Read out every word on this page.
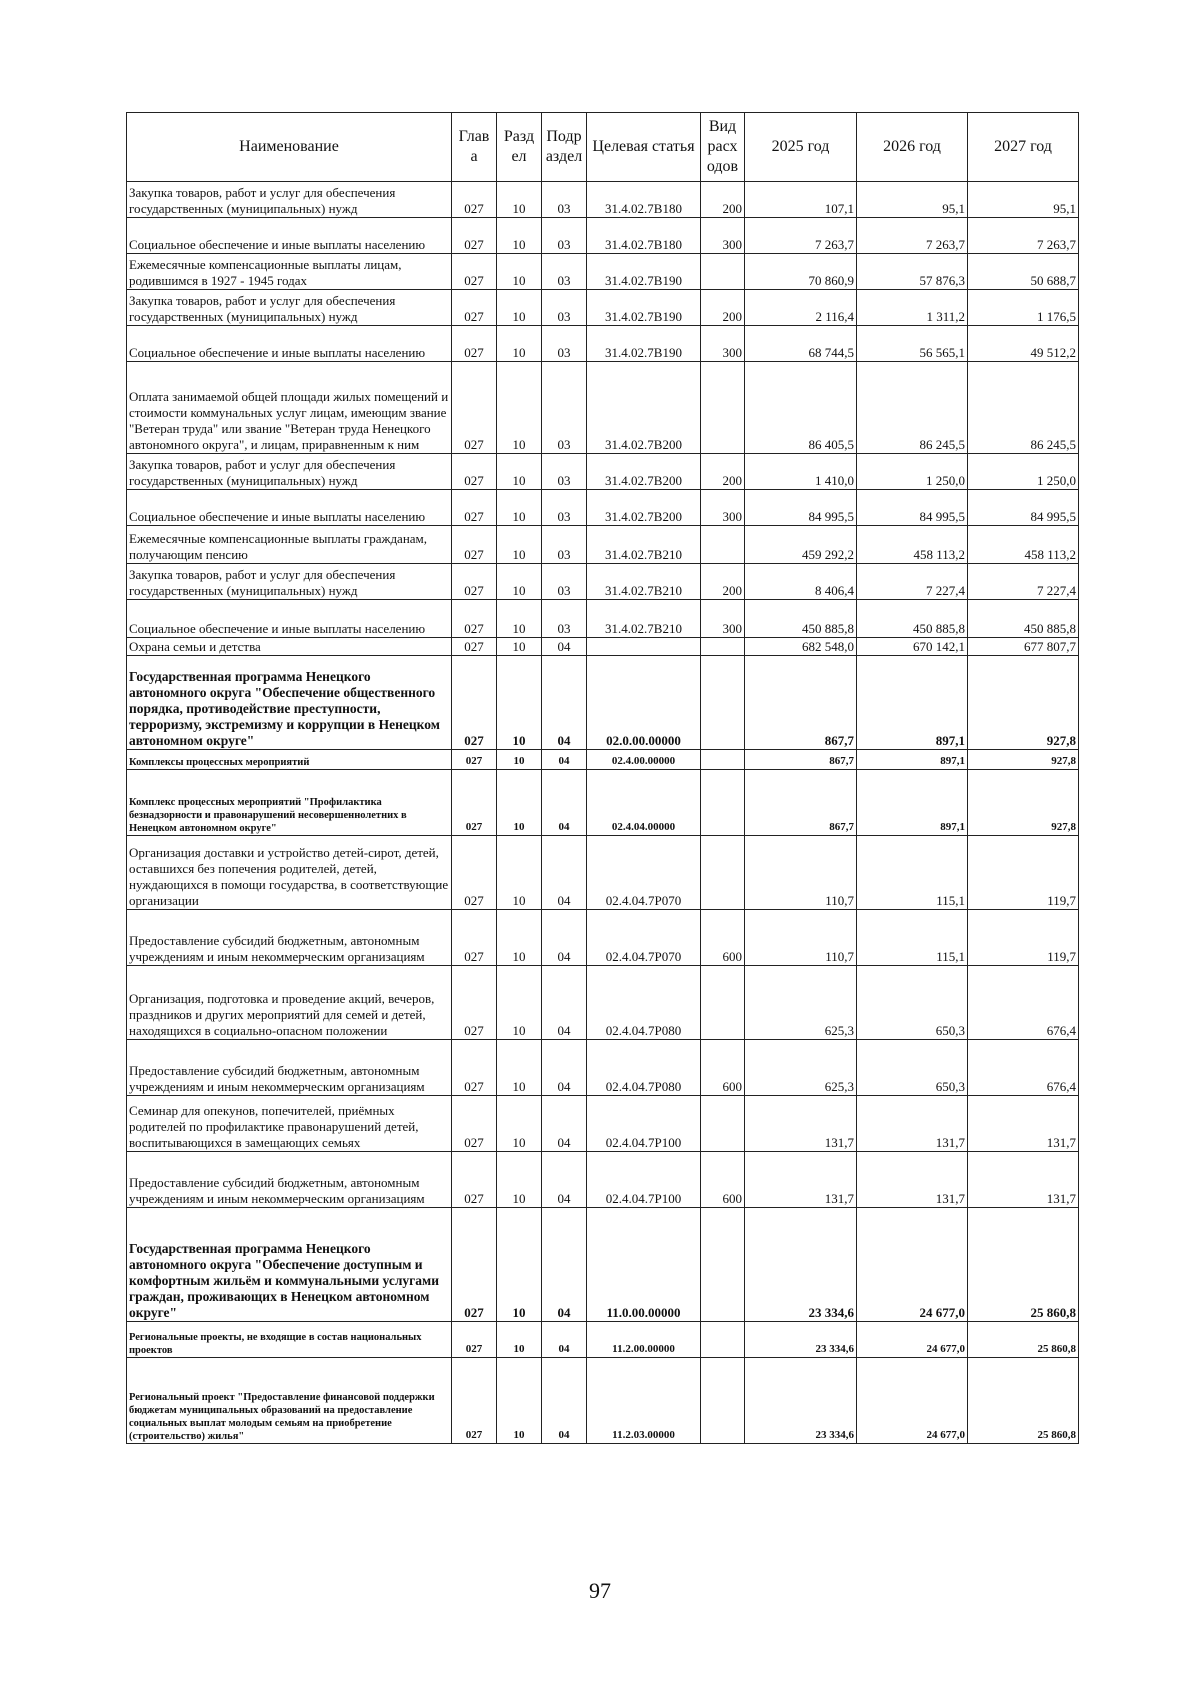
Наименование	Глав а	Разд ел	Подр аздел	Целевая статья	Вид расх одов	2025 год	2026 год	2027 год
Закупка товаров, работ и услуг для обеспечения государственных (муниципальных) нужд	027	10	03	31.4.02.7В180	200	107,1	95,1	95,1
Социальное обеспечение и иные выплаты населению	027	10	03	31.4.02.7В180	300	7 263,7	7 263,7	7 263,7
Ежемесячные компенсационные выплаты лицам, родившимся в 1927 - 1945 годах	027	10	03	31.4.02.7В190		70 860,9	57 876,3	50 688,7
Закупка товаров, работ и услуг для обеспечения государственных (муниципальных) нужд	027	10	03	31.4.02.7В190	200	2 116,4	1 311,2	1 176,5
Социальное обеспечение и иные выплаты населению	027	10	03	31.4.02.7В190	300	68 744,5	56 565,1	49 512,2
Оплата занимаемой общей площади жилых помещений и стоимости коммунальных услуг лицам, имеющим звание "Ветеран труда" или звание "Ветеран труда Ненецкого автономного округа", и лицам, приравненным к ним	027	10	03	31.4.02.7В200		86 405,5	86 245,5	86 245,5
Закупка товаров, работ и услуг для обеспечения государственных (муниципальных) нужд	027	10	03	31.4.02.7В200	200	1 410,0	1 250,0	1 250,0
Социальное обеспечение и иные выплаты населению	027	10	03	31.4.02.7В200	300	84 995,5	84 995,5	84 995,5
Ежемесячные компенсационные выплаты гражданам, получающим пенсию	027	10	03	31.4.02.7В210		459 292,2	458 113,2	458 113,2
Закупка товаров, работ и услуг для обеспечения государственных (муниципальных) нужд	027	10	03	31.4.02.7В210	200	8 406,4	7 227,4	7 227,4
Социальное обеспечение и иные выплаты населению	027	10	03	31.4.02.7В210	300	450 885,8	450 885,8	450 885,8
Охрана семьи и детства	027	10	04			682 548,0	670 142,1	677 807,7
Государственная программа Ненецкого автономного округа "Обеспечение общественного порядка, противодействие преступности, терроризму, экстремизму и коррупции в Ненецком автономном округе"	027	10	04	02.0.00.00000		867,7	897,1	927,8
Комплексы процессных мероприятий	027	10	04	02.4.00.00000		867,7	897,1	927,8
Комплекс процессных мероприятий "Профилактика безнадзорности и правонарушений несовершеннолетних в Ненецком автономном округе"	027	10	04	02.4.04.00000		867,7	897,1	927,8
Организация доставки и устройство детей-сирот, детей, оставшихся без попечения родителей, детей, нуждающихся в помощи государства, в соответствующие организации	027	10	04	02.4.04.7Р070		110,7	115,1	119,7
Предоставление субсидий бюджетным, автономным учреждениям и иным некоммерческим организациям	027	10	04	02.4.04.7Р070	600	110,7	115,1	119,7
Организация, подготовка и проведение акций, вечеров, праздников и других мероприятий для семей и детей, находящихся в социально-опасном положении	027	10	04	02.4.04.7Р080		625,3	650,3	676,4
Предоставление субсидий бюджетным, автономным учреждениям и иным некоммерческим организациям	027	10	04	02.4.04.7Р080	600	625,3	650,3	676,4
Семинар для опекунов, попечителей, приёмных родителей по профилактике правонарушений детей, воспитывающихся в замещающих семьях	027	10	04	02.4.04.7Р100		131,7	131,7	131,7
Предоставление субсидий бюджетным, автономным учреждениям и иным некоммерческим организациям	027	10	04	02.4.04.7Р100	600	131,7	131,7	131,7
Государственная программа Ненецкого автономного округа "Обеспечение доступным и комфортным жильём и коммунальными услугами граждан, проживающих в Ненецком автономном округе"	027	10	04	11.0.00.00000		23 334,6	24 677,0	25 860,8
Региональные проекты, не входящие в состав национальных проектов	027	10	04	11.2.00.00000		23 334,6	24 677,0	25 860,8
Региональный проект "Предоставление финансовой поддержки бюджетам муниципальных образований на предоставление социальных выплат молодым семьям на приобретение (строительство) жилья"	027	10	04	11.2.03.00000		23 334,6	24 677,0	25 860,8
97
